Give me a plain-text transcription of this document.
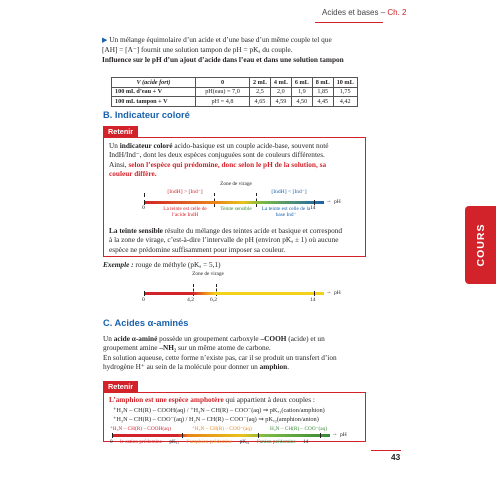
Acides et bases – Ch. 2
▶ Un mélange équimolaire d’un acide et d’une base d’un même couple tel que
[AH] = [A⁻] fournit une solution tampon de pH = pKₐ du couple.
Influence sur le pH d’un ajout d’acide dans l’eau et dans une solution tampon
V (acide fort)	0	2 mL	4 mL	6 mL	8 mL	10 mL
100 mL d’eau + V	pH(eau) = 7,0	2,5	2,0	1,9	1,85	1,75
100 mL tampon + V	pH = 4,8	4,65	4,59	4,50	4,45	4,42
B. Indicateur coloré
Retenir
Un indicateur coloré acido-basique est un couple acide-base, souvent noté
IndH/Ind⁻, dont les deux espèces conjuguées sont de couleurs différentes.
Ainsi, selon l’espèce qui prédomine, donc selon le pH de la solution, sa
couleur diffère.
Zone de virage
[IndH] > [Ind⁻]	[IndH] < [Ind⁻]
→ pH
0	14
La teinte est celle de l’acide IndH
Teinte sensible	La teinte est celle de la base Ind⁻
La teinte sensible résulte du mélange des teintes acide et basique et correspond
à la zone de virage, c’est-à-dire l’intervalle de pH (environ pKₐ ± 1) où aucune
espèce ne prédomine suffisamment pour imposer sa couleur.
Exemple : rouge de méthyle (pKₐ = 5,1)
Zone de virage
→ pH
0	4,2	6,2	14
C. Acides α-aminés
Un acide α-aminé possède un groupement carboxyle –COOH (acide) et un
groupement amine –NH₂ sur un même atome de carbone.
En solution aqueuse, cette forme n’existe pas, car il se produit un transfert d’ion
hydrogène H⁺ au sein de la molécule pour donner un amphion.
Retenir
L’amphion est une espèce amphotère qui appartient à deux couples :
⁺H₃N – CH(R) – COOH(aq) / ⁺H₃N – CH(R) – COO⁻(aq) ⇒ pKₐ₁(cation/amphion)
⁺H₃N – CH(R) – COO⁻(aq) / H₂N – CH(R) – COO⁻(aq) ⇒ pKₐ₂(amphion/anion)
⁺H₃N – CH(R) – COOH(aq)	⁺H₃N – CH(R) – COO⁻(aq)	H₂N – CH(R) – COO⁻(aq)
→ pH
0 le cation prédomine pKₐ₁ l’amphion prédomine pKₐ₂ l’anion prédomine 14
COURS
43
